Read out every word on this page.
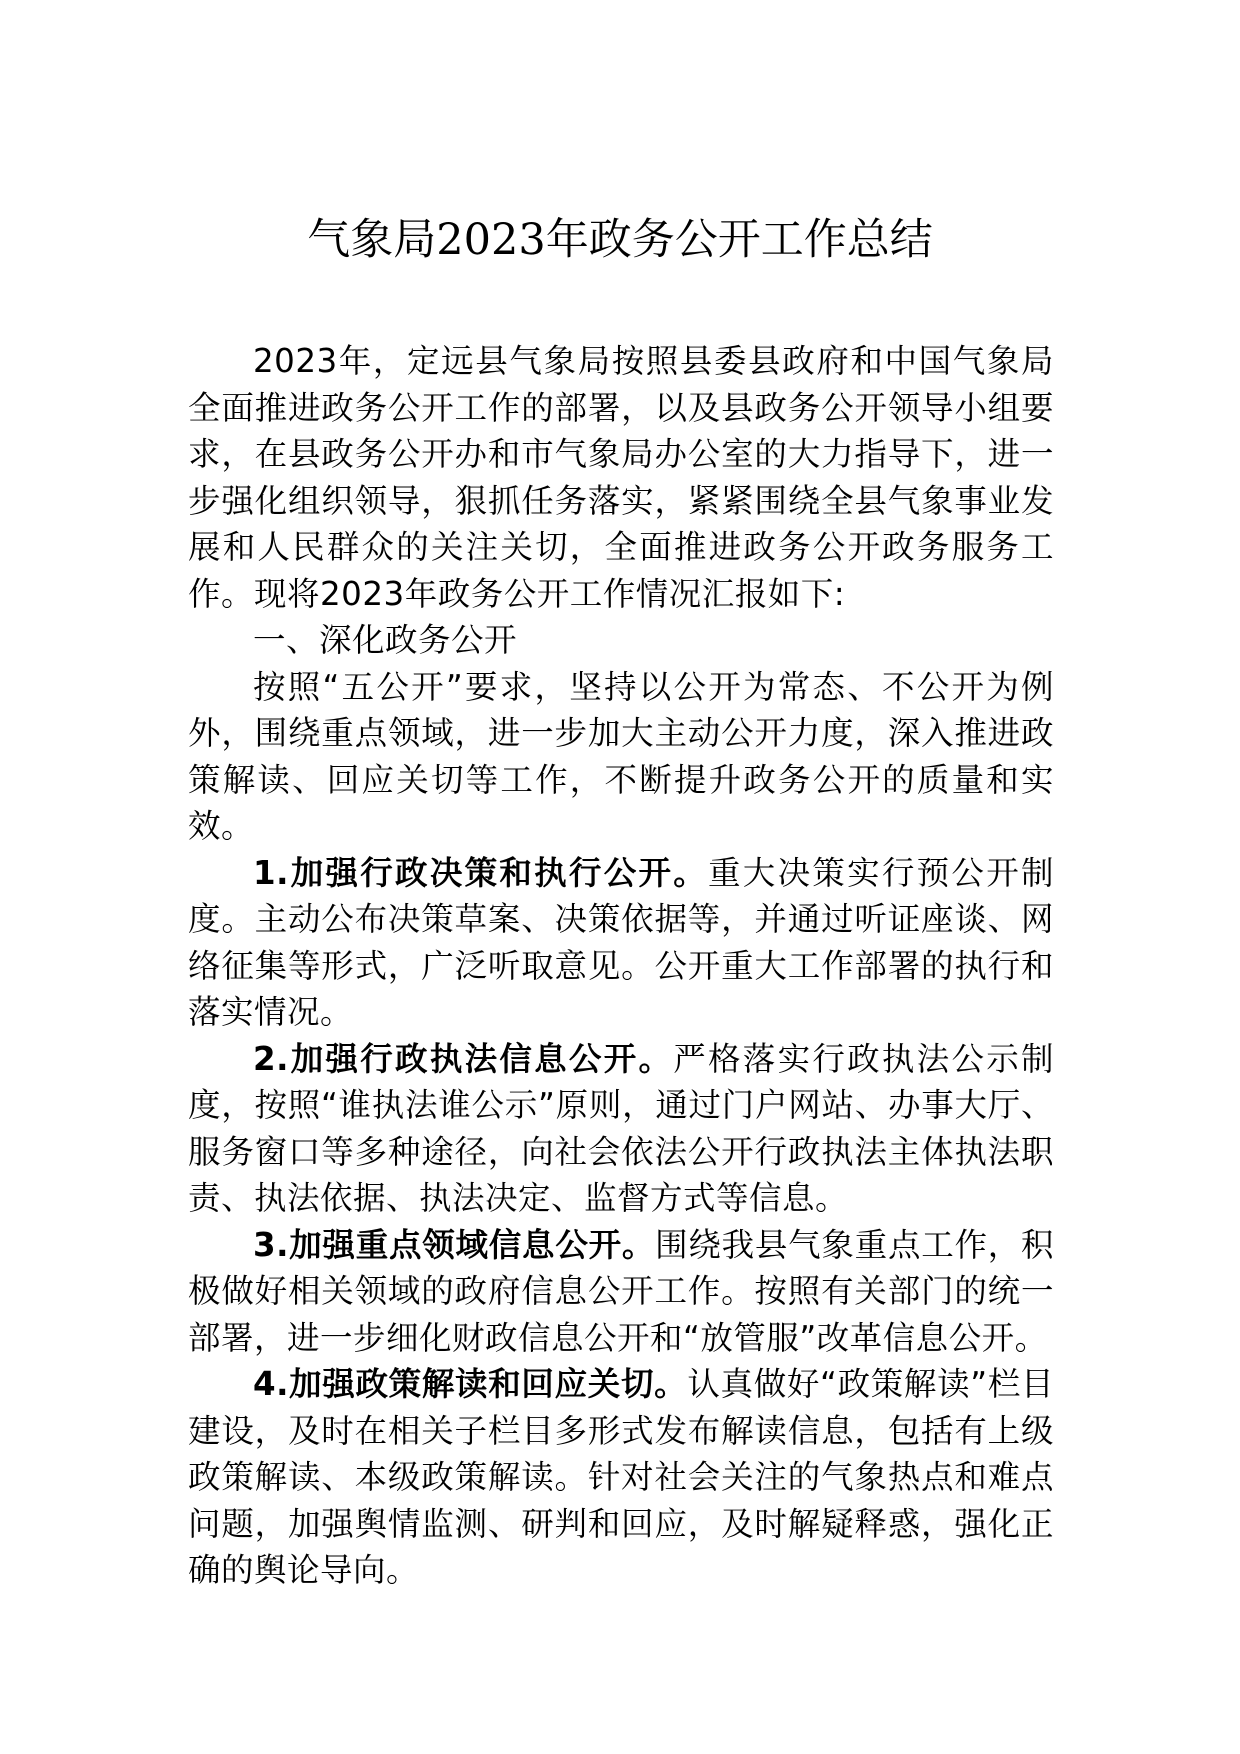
气象局2023年政务公开工作总结

2023年，定远县气象局按照县委县政府和中国气象局全面推进政务公开工作的部署，以及县政务公开领导小组要求，在县政务公开办和市气象局办公室的大力指导下，进一步强化组织领导，狠抓任务落实，紧紧围绕全县气象事业发展和人民群众的关注关切，全面推进政务公开政务服务工作。现将2023年政务公开工作情况汇报如下:

一、深化政务公开

按照“五公开”要求，坚持以公开为常态、不公开为例外，围绕重点领域，进一步加大主动公开力度，深入推进政策解读、回应关切等工作，不断提升政务公开的质量和实效。

1.加强行政决策和执行公开。重大决策实行预公开制度。主动公布决策草案、决策依据等，并通过听证座谈、网络征集等形式，广泛听取意见。公开重大工作部署的执行和落实情况。

2.加强行政执法信息公开。严格落实行政执法公示制度，按照“谁执法谁公示”原则，通过门户网站、办事大厅、服务窗口等多种途径，向社会依法公开行政执法主体执法职责、执法依据、执法决定、监督方式等信息。

3.加强重点领域信息公开。围绕我县气象重点工作，积极做好相关领域的政府信息公开工作。按照有关部门的统一部署，进一步细化财政信息公开和“放管服”改革信息公开。

4.加强政策解读和回应关切。认真做好“政策解读”栏目建设，及时在相关子栏目多形式发布解读信息，包括有上级政策解读、本级政策解读。针对社会关注的气象热点和难点问题，加强舆情监测、研判和回应，及时解疑释惑，强化正确的舆论导向。
